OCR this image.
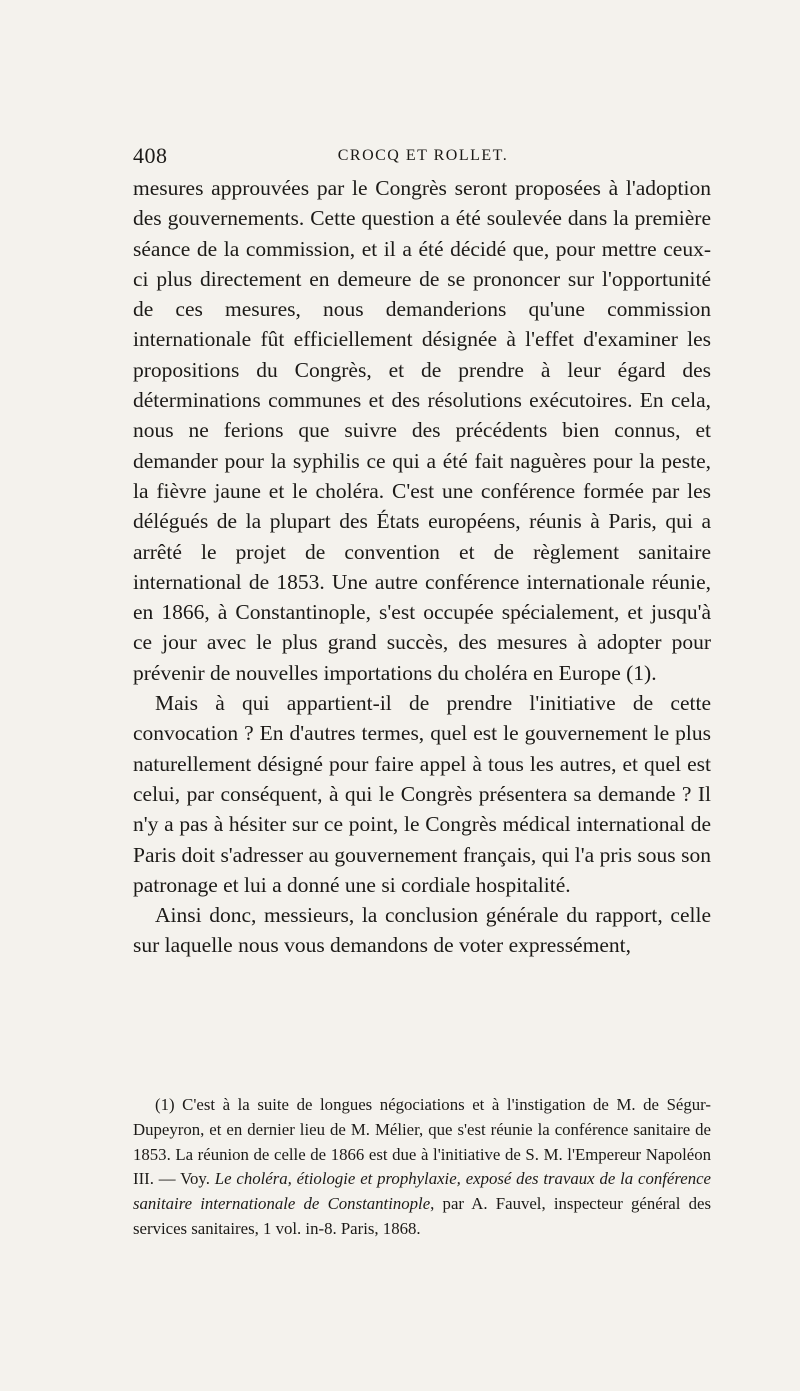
408	CROCQ ET ROLLET.

mesures approuvées par le Congrès seront proposées à l'adoption des gouvernements. Cette question a été soulevée dans la première séance de la commission, et il a été décidé que, pour mettre ceux-ci plus directement en demeure de se prononcer sur l'opportunité de ces mesures, nous demanderions qu'une commission internationale fût efficiellement désignée à l'effet d'examiner les propositions du Congrès, et de prendre à leur égard des déterminations communes et des résolutions exécutoires. En cela, nous ne ferions que suivre des précédents bien connus, et demander pour la syphilis ce qui a été fait naguères pour la peste, la fièvre jaune et le choléra. C'est une conférence formée par les délégués de la plupart des États européens, réunis à Paris, qui a arrêté le projet de convention et de règlement sanitaire international de 1853. Une autre conférence internationale réunie, en 1866, à Constantinople, s'est occupée spécialement, et jusqu'à ce jour avec le plus grand succès, des mesures à adopter pour prévenir de nouvelles importations du choléra en Europe (1).

Mais à qui appartient-il de prendre l'initiative de cette convocation ? En d'autres termes, quel est le gouvernement le plus naturellement désigné pour faire appel à tous les autres, et quel est celui, par conséquent, à qui le Congrès présentera sa demande ? Il n'y a pas à hésiter sur ce point, le Congrès médical international de Paris doit s'adresser au gouvernement français, qui l'a pris sous son patronage et lui a donné une si cordiale hospitalité.

Ainsi donc, messieurs, la conclusion générale du rapport, celle sur laquelle nous vous demandons de voter expressément,

(1) C'est à la suite de longues négociations et à l'instigation de M. de Ségur-Dupeyron, et en dernier lieu de M. Mélier, que s'est réunie la conférence sanitaire de 1853. La réunion de celle de 1866 est due à l'initiative de S. M. l'Empereur Napoléon III. — Voy. Le choléra, étiologie et prophylaxie, exposé des travaux de la conférence sanitaire internationale de Constantinople, par A. Fauvel, inspecteur général des services sanitaires, 1 vol. in-8. Paris, 1868.
